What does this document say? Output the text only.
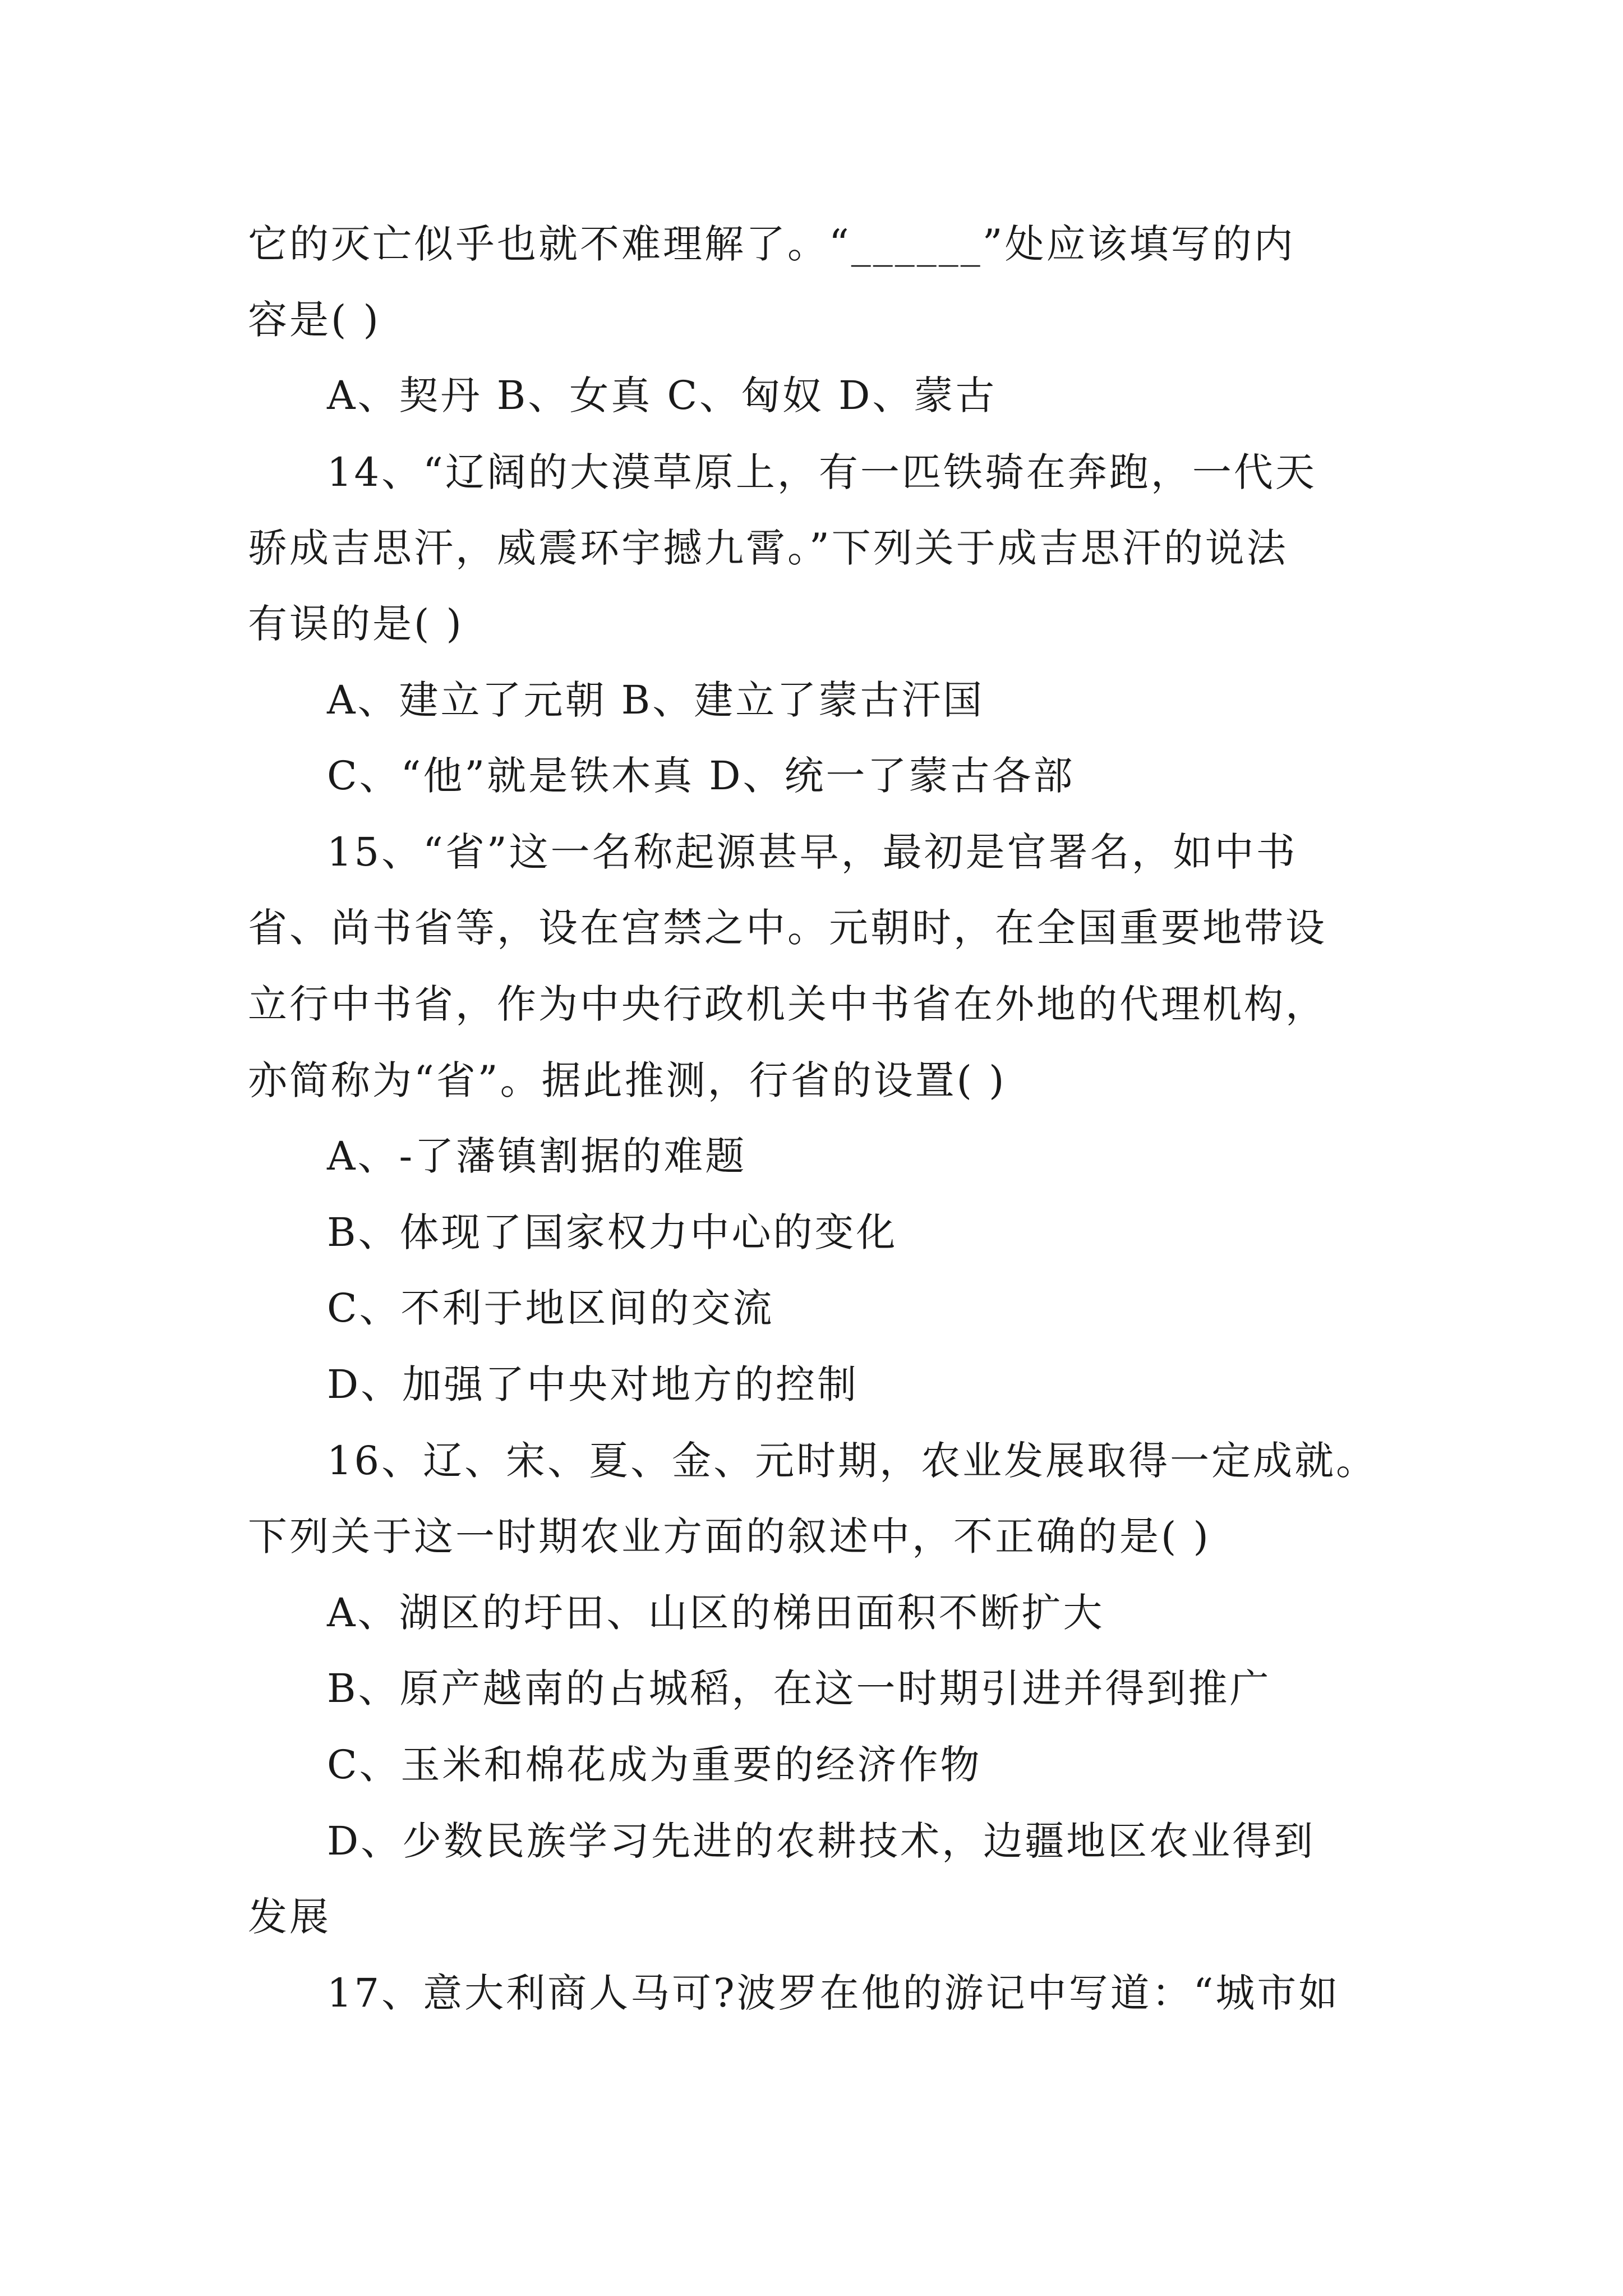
它的灭亡似乎也就不难理解了。“______”处应该填写的内

容是( )

A、契丹 B、女真 C、匈奴 D、蒙古

14、“辽阔的大漠草原上，有一匹铁骑在奔跑，一代天

骄成吉思汗，威震环宇撼九霄。”下列关于成吉思汗的说法

有误的是( )

A、建立了元朝 B、建立了蒙古汗国

C、“他”就是铁木真 D、统一了蒙古各部

15、“省”这一名称起源甚早，最初是官署名，如中书

省、尚书省等，设在宫禁之中。元朝时，在全国重要地带设

立行中书省，作为中央行政机关中书省在外地的代理机构，

亦简称为“省”。据此推测，行省的设置( )

A、-了藩镇割据的难题

B、体现了国家权力中心的变化

C、不利于地区间的交流

D、加强了中央对地方的控制

16、辽、宋、夏、金、元时期，农业发展取得一定成就。

下列关于这一时期农业方面的叙述中，不正确的是( )

A、湖区的圩田、山区的梯田面积不断扩大

B、原产越南的占城稻，在这一时期引进并得到推广

C、玉米和棉花成为重要的经济作物

D、少数民族学习先进的农耕技术，边疆地区农业得到

发展

17、意大利商人马可?波罗在他的游记中写道：“城市如
